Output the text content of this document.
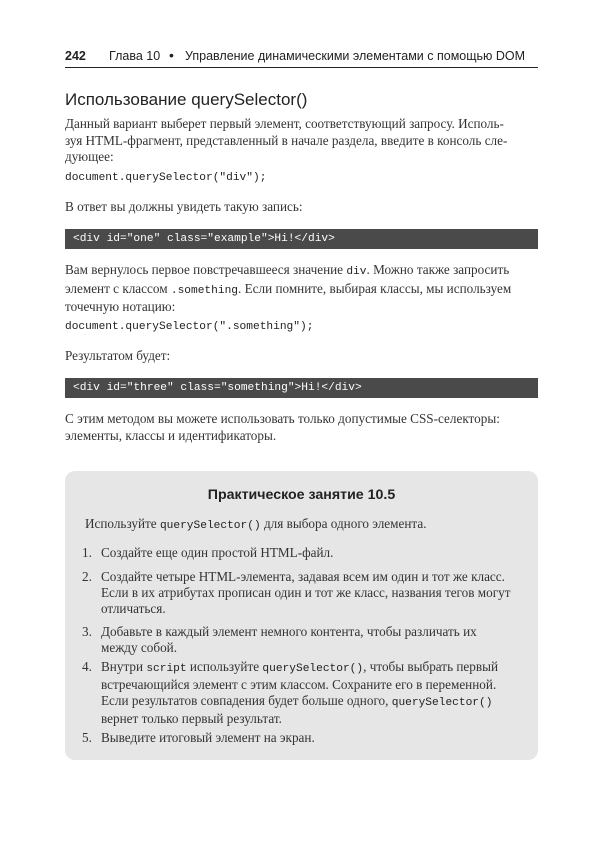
242 Глава 10 • Управление динамическими элементами с помощью DOM
Использование querySelector()
Данный вариант выберет первый элемент, соответствующий запросу. Исполь-
зуя HTML-фрагмент, представленный в начале раздела, введите в консоль сле-
дующее:
document.querySelector("div");
В ответ вы должны увидеть такую запись:
<div id="one" class="example">Hi!</div>
Вам вернулось первое повстречавшееся значение div. Можно также запросить
элемент с классом .something. Если помните, выбирая классы, мы используем
точечную нотацию:
document.querySelector(".something");
Результатом будет:
<div id="three" class="something">Hi!</div>
С этим методом вы можете использовать только допустимые CSS-селекторы:
элементы, классы и идентификаторы.
Практическое занятие 10.5
Используйте querySelector() для выбора одного элемента.
1. Создайте еще один простой HTML-файл.
2. Создайте четыре HTML-элемента, задавая всем им один и тот же класс.
Если в их атрибутах прописан один и тот же класс, названия тегов могут
отличаться.
3. Добавьте в каждый элемент немного контента, чтобы различать их
между собой.
4. Внутри script используйте querySelector(), чтобы выбрать первый
встречающийся элемент с этим классом. Сохраните его в переменной.
Если результатов совпадения будет больше одного, querySelector()
вернет только первый результат.
5. Выведите итоговый элемент на экран.
